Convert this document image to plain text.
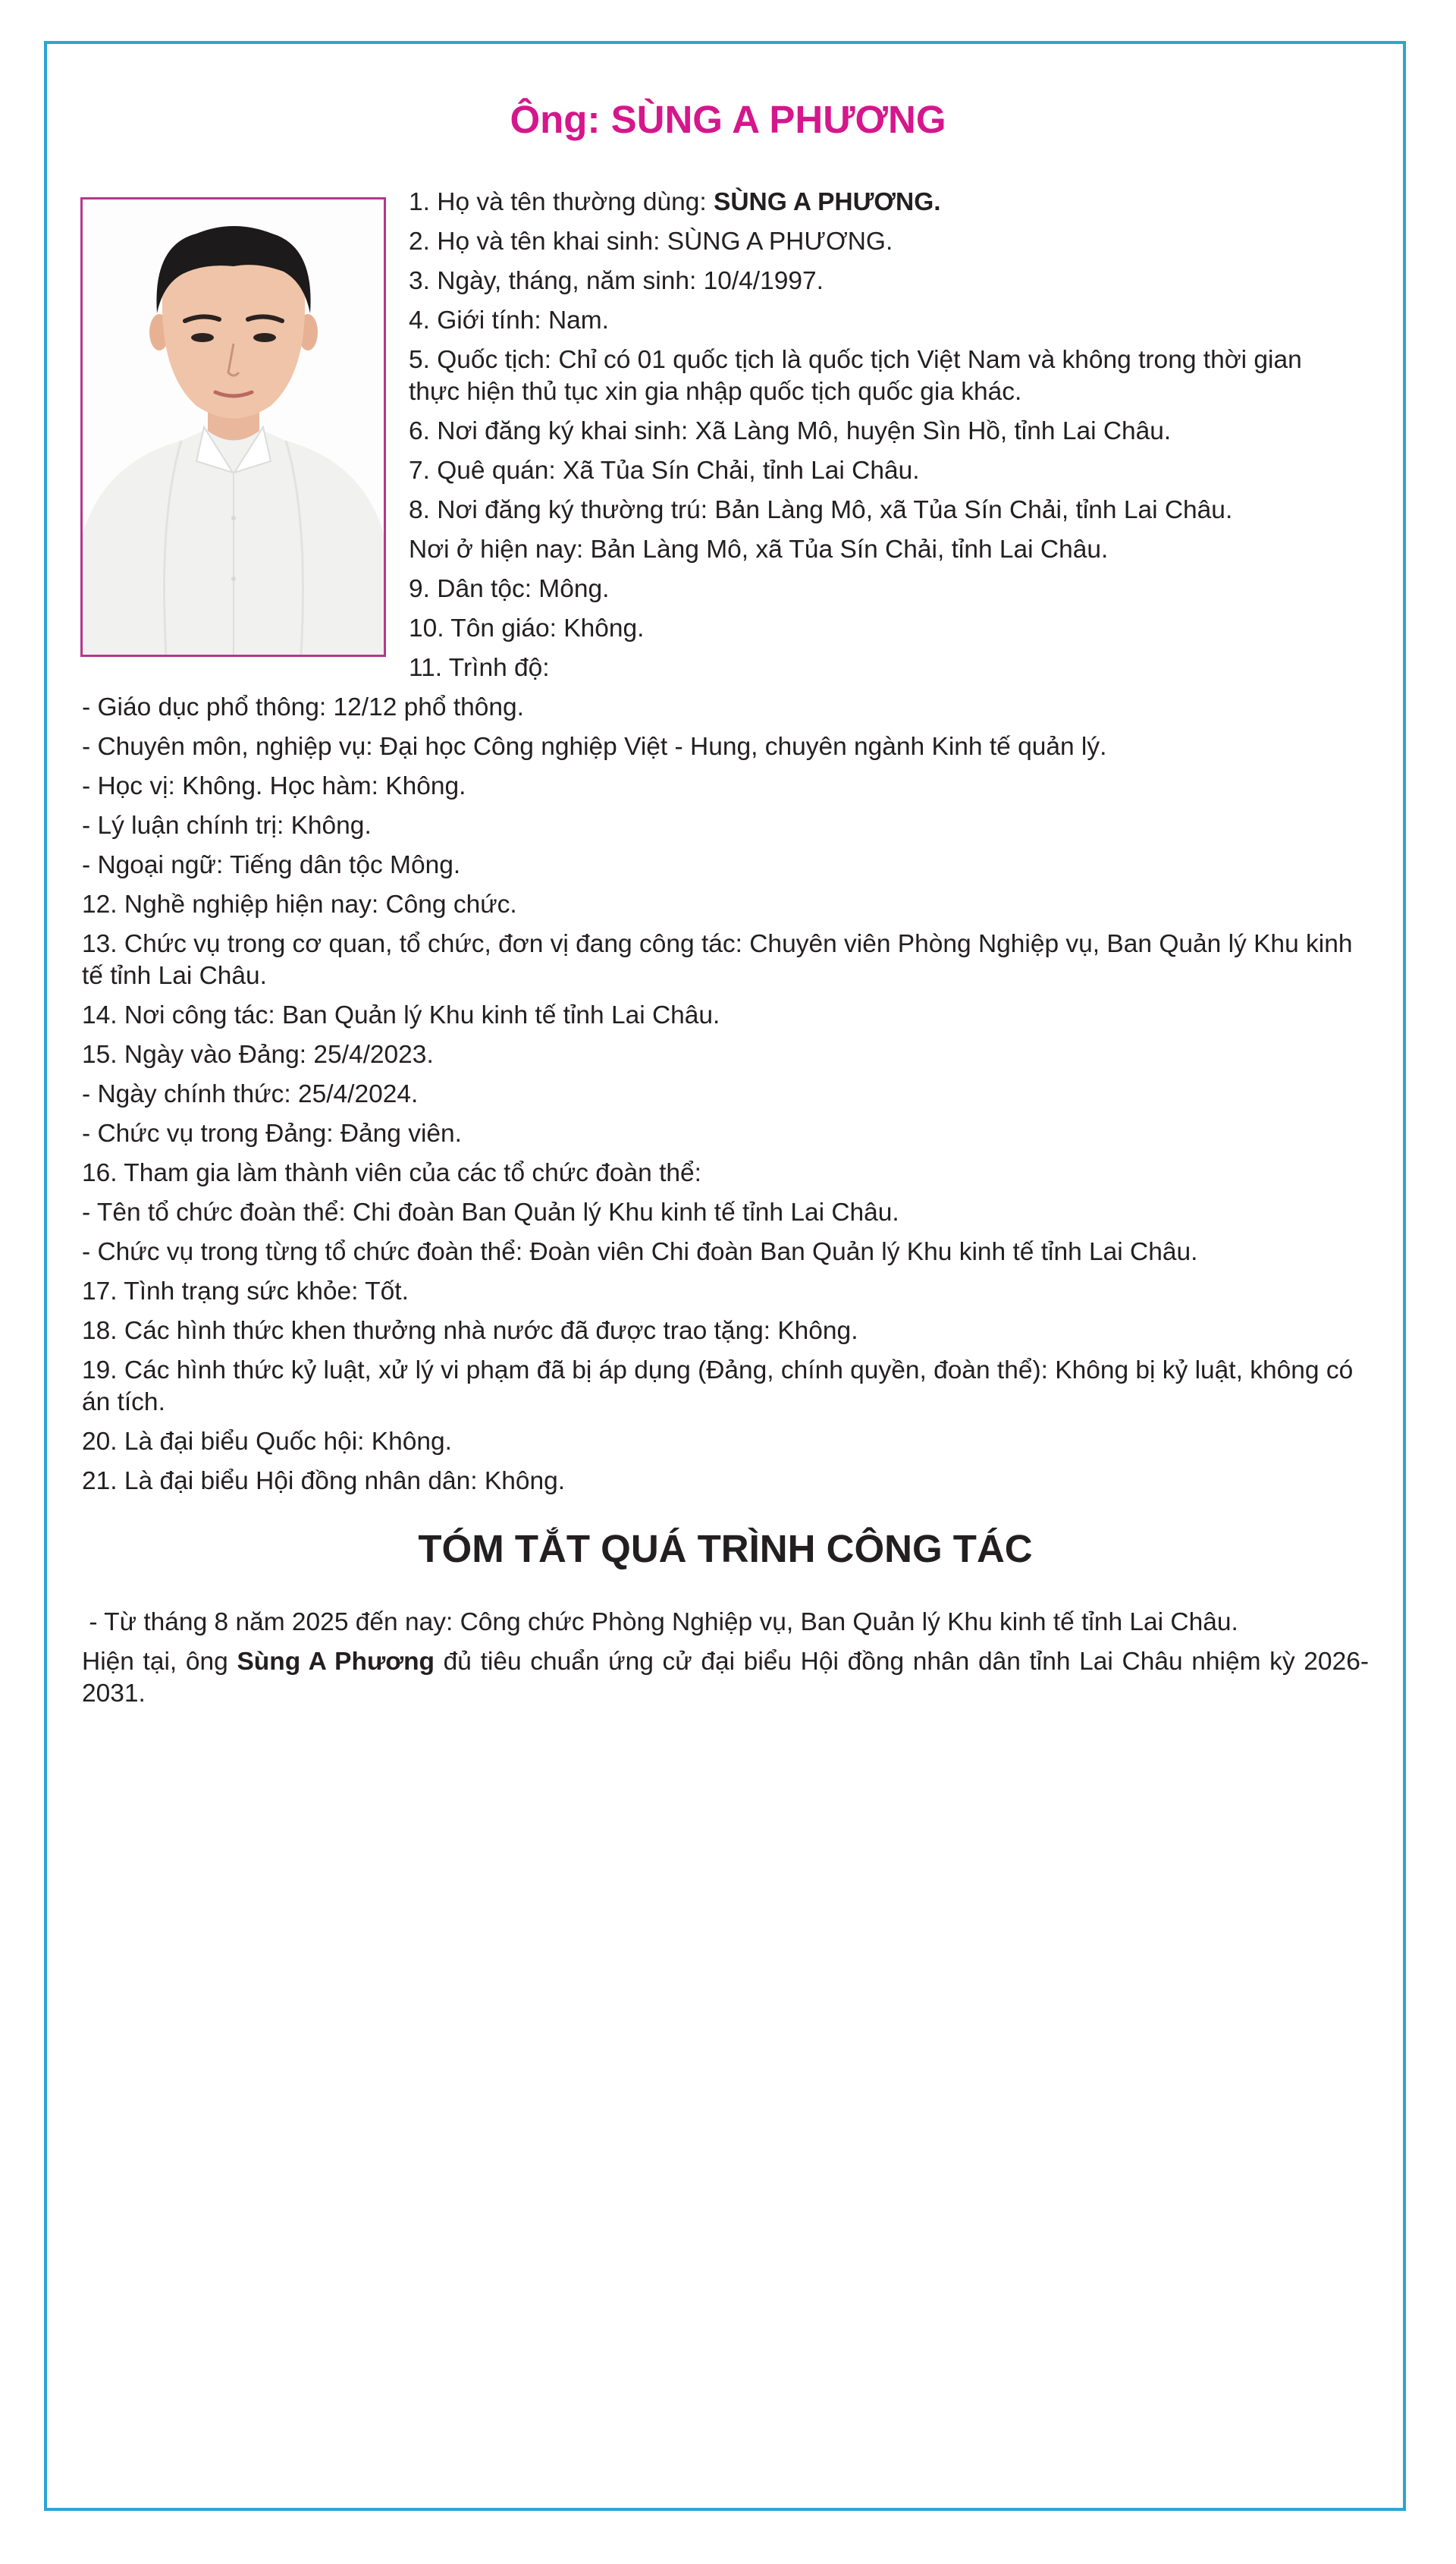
Ông: SÙNG A PHƯƠNG

1. Họ và tên thường dùng: SÙNG A PHƯƠNG.

2. Họ và tên khai sinh: SÙNG A PHƯƠNG.

3. Ngày, tháng, năm sinh: 10/4/1997.

4. Giới tính: Nam.

5. Quốc tịch: Chỉ có 01 quốc tịch là quốc tịch Việt Nam và không trong thời gian
thực hiện thủ tục xin gia nhập quốc tịch quốc gia khác.

6. Nơi đăng ký khai sinh: Xã Làng Mô, huyện Sìn Hồ, tỉnh Lai Châu.

7. Quê quán: Xã Tủa Sín Chải, tỉnh Lai Châu.

8. Nơi đăng ký thường trú: Bản Làng Mô, xã Tủa Sín Chải, tỉnh Lai Châu.

Nơi ở hiện nay: Bản Làng Mô, xã Tủa Sín Chải, tỉnh Lai Châu.

9. Dân tộc: Mông.

10. Tôn giáo: Không.

11. Trình độ:

- Giáo dục phổ thông: 12/12 phổ thông.

- Chuyên môn, nghiệp vụ: Đại học Công nghiệp Việt - Hung, chuyên ngành Kinh tế quản lý.

- Học vị: Không. Học hàm: Không.

- Lý luận chính trị: Không.

- Ngoại ngữ: Tiếng dân tộc Mông.

12. Nghề nghiệp hiện nay: Công chức.

13. Chức vụ trong cơ quan, tổ chức, đơn vị đang công tác: Chuyên viên Phòng Nghiệp vụ, Ban Quản lý Khu kinh tế tỉnh Lai Châu.

14. Nơi công tác: Ban Quản lý Khu kinh tế tỉnh Lai Châu.

15. Ngày vào Đảng: 25/4/2023.

- Ngày chính thức: 25/4/2024.

- Chức vụ trong Đảng: Đảng viên.

16. Tham gia làm thành viên của các tổ chức đoàn thể:

- Tên tổ chức đoàn thể: Chi đoàn Ban Quản lý Khu kinh tế tỉnh Lai Châu.

- Chức vụ trong từng tổ chức đoàn thể: Đoàn viên Chi đoàn Ban Quản lý Khu kinh tế tỉnh Lai Châu.

17. Tình trạng sức khỏe: Tốt.

18. Các hình thức khen thưởng nhà nước đã được trao tặng: Không.

19. Các hình thức kỷ luật, xử lý vi phạm đã bị áp dụng (Đảng, chính quyền, đoàn thể): Không bị kỷ luật, không có án tích.

20. Là đại biểu Quốc hội: Không.

21. Là đại biểu Hội đồng nhân dân: Không.

TÓM TẮT QUÁ TRÌNH CÔNG TÁC

- Từ tháng 8 năm 2025 đến nay: Công chức Phòng Nghiệp vụ, Ban Quản lý Khu kinh tế tỉnh Lai Châu.

Hiện tại, ông Sùng A Phương đủ tiêu chuẩn ứng cử đại biểu Hội đồng nhân dân tỉnh Lai Châu nhiệm kỳ 2026-2031.
